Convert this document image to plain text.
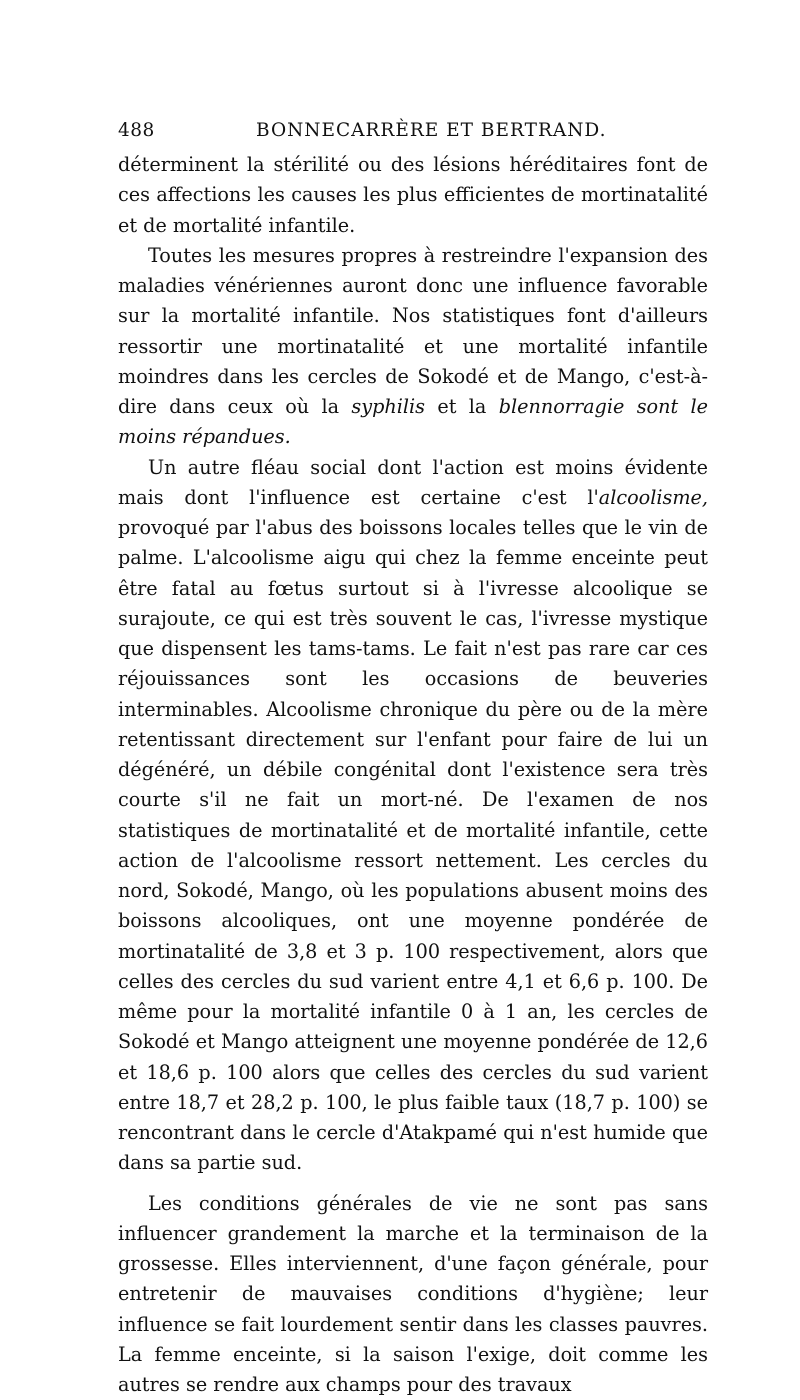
488	BONNECARRÈRE ET BERTRAND.

déterminent la stérilité ou des lésions héréditaires font de ces affections les causes les plus efficientes de mortinatalité et de mortalité infantile.

Toutes les mesures propres à restreindre l'expansion des maladies vénériennes auront donc une influence favorable sur la mortalité infantile. Nos statistiques font d'ailleurs ressortir une mortinatalité et une mortalité infantile moindres dans les cercles de Sokodé et de Mango, c'est-à-dire dans ceux où la syphilis et la blennorragie sont le moins répandues.

Un autre fléau social dont l'action est moins évidente mais dont l'influence est certaine c'est l'alcoolisme, provoqué par l'abus des boissons locales telles que le vin de palme. L'alcoolisme aigu qui chez la femme enceinte peut être fatal au fœtus surtout si à l'ivresse alcoolique se surajoute, ce qui est très souvent le cas, l'ivresse mystique que dispensent les tams-tams. Le fait n'est pas rare car ces réjouissances sont les occasions de beuveries interminables. Alcoolisme chronique du père ou de la mère retentissant directement sur l'enfant pour faire de lui un dégénéré, un débile congénital dont l'existence sera très courte s'il ne fait un mort-né. De l'examen de nos statistiques de mortinatalité et de mortalité infantile, cette action de l'alcoolisme ressort nettement. Les cercles du nord, Sokodé, Mango, où les populations abusent moins des boissons alcooliques, ont une moyenne pondérée de mortinatalité de 3,8 et 3 p. 100 respectivement, alors que celles des cercles du sud varient entre 4,1 et 6,6 p. 100. De même pour la mortalité infantile 0 à 1 an, les cercles de Sokodé et Mango atteignent une moyenne pondérée de 12,6 et 18,6 p. 100 alors que celles des cercles du sud varient entre 18,7 et 28,2 p. 100, le plus faible taux (18,7 p. 100) se rencontrant dans le cercle d'Atakpamé qui n'est humide que dans sa partie sud.

Les conditions générales de vie ne sont pas sans influencer grandement la marche et la terminaison de la grossesse. Elles interviennent, d'une façon générale, pour entretenir de mauvaises conditions d'hygiène; leur influence se fait lourdement sentir dans les classes pauvres. La femme enceinte, si la saison l'exige, doit comme les autres se rendre aux champs pour des travaux
